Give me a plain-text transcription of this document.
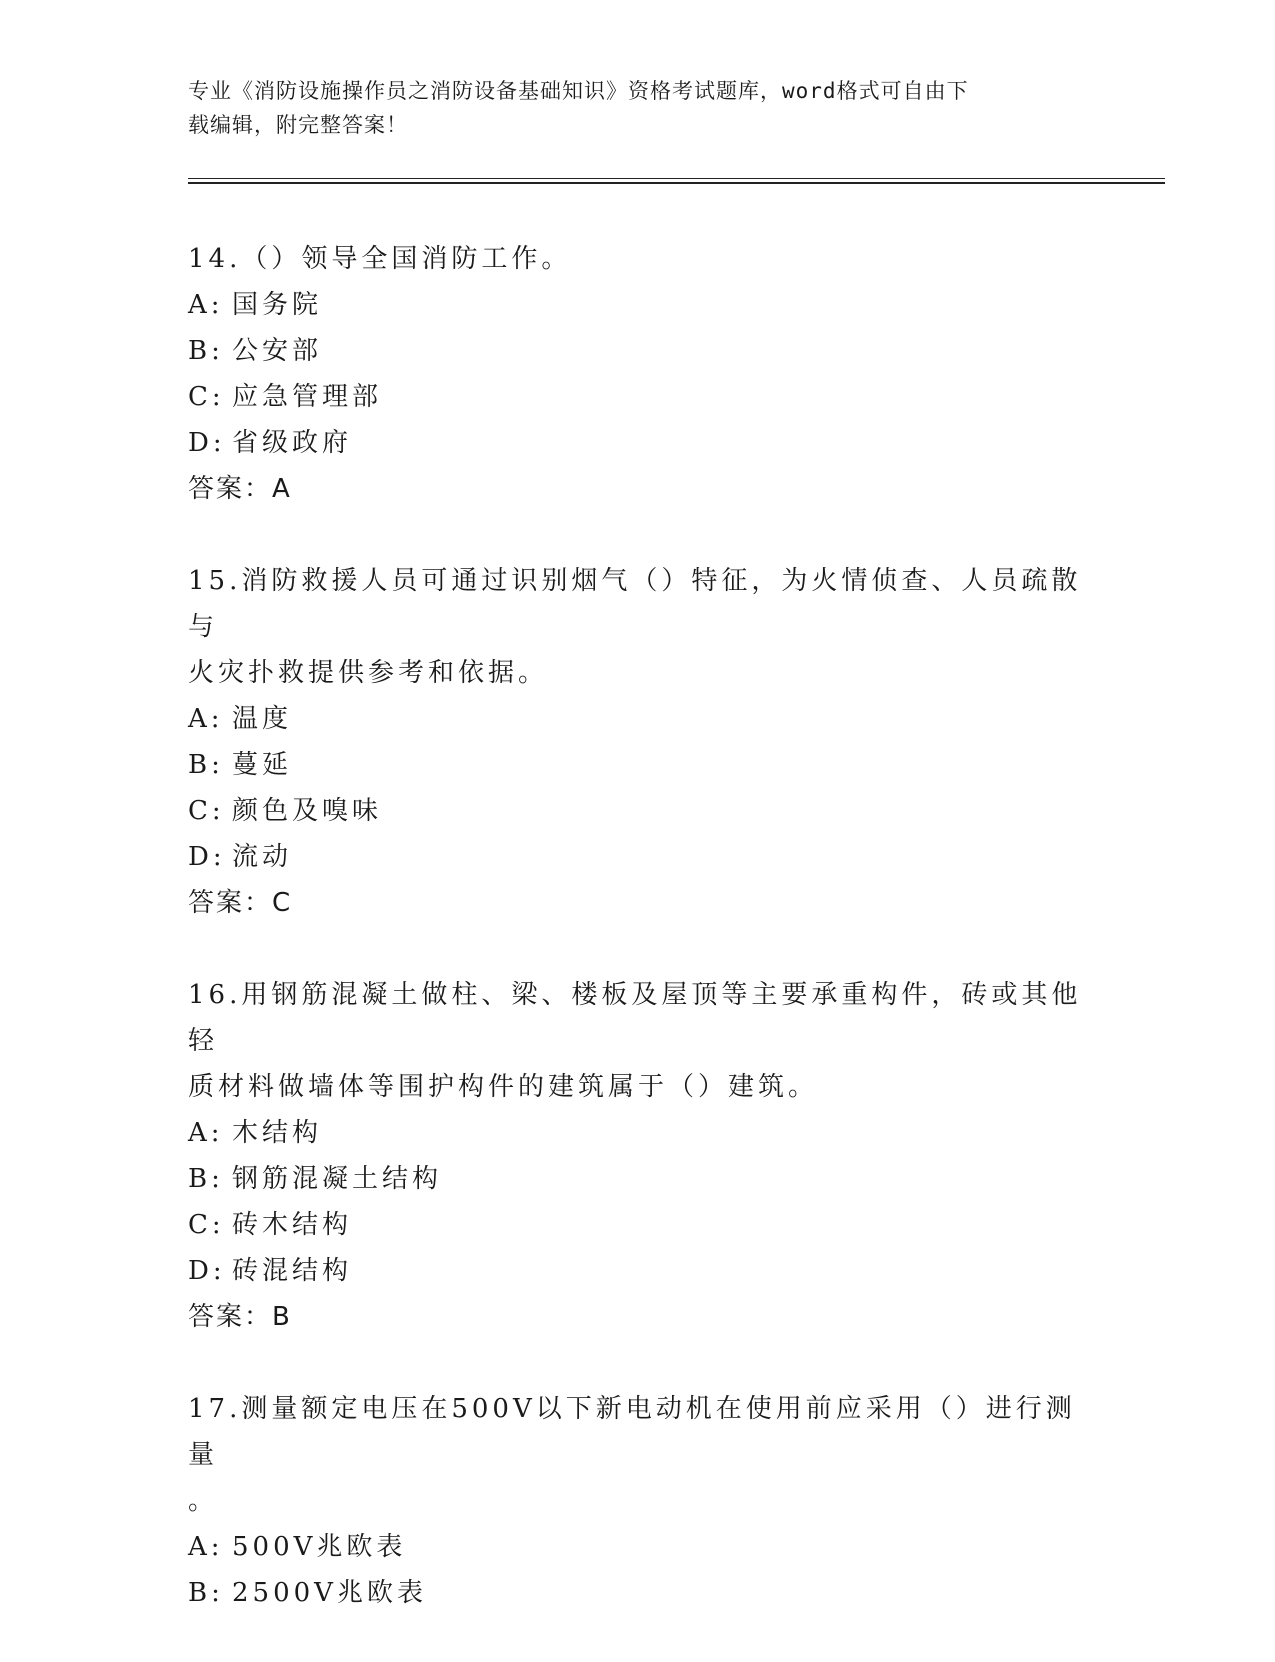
专业《消防设施操作员之消防设备基础知识》资格考试题库，word格式可自由下
载编辑，附完整答案！

14.（）领导全国消防工作。

A: 国务院
B: 公安部
C: 应急管理部
D: 省级政府

答案：A

15.消防救援人员可通过识别烟气（）特征，为火情侦查、人员疏散与

火灾扑救提供参考和依据。

A: 温度
B: 蔓延
C: 颜色及嗅味
D: 流动

答案：C

16.用钢筋混凝土做柱、梁、楼板及屋顶等主要承重构件，砖或其他轻

质材料做墙体等围护构件的建筑属于（）建筑。

A: 木结构
B: 钢筋混凝土结构
C: 砖木结构
D: 砖混结构

答案：B

17.测量额定电压在500V以下新电动机在使用前应采用（）进行测量

。

A: 500V兆欧表
B: 2500V兆欧表
